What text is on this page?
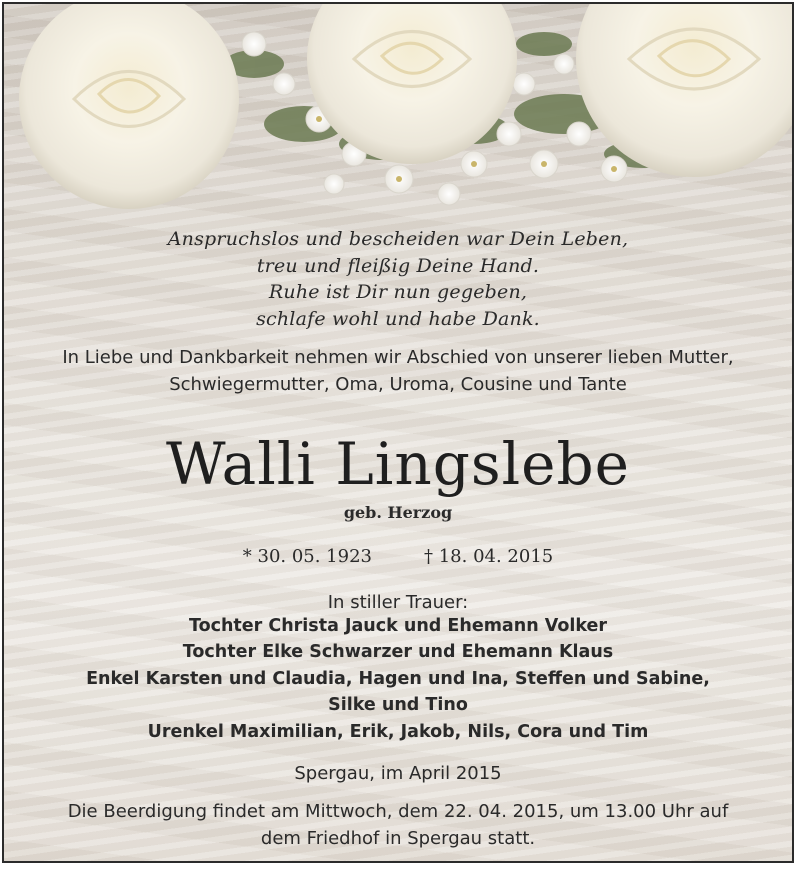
Anspruchslos und bescheiden war Dein Leben,
treu und fleißig Deine Hand.
Ruhe ist Dir nun gegeben,
schlafe wohl und habe Dank.
In Liebe und Dankbarkeit nehmen wir Abschied von unserer lieben Mutter,
Schwiegermutter, Oma, Uroma, Cousine und Tante
Walli Lingslebe
geb. Herzog
* 30. 05. 1923	† 18. 04. 2015
In stiller Trauer:
Tochter Christa Jauck und Ehemann Volker
Tochter Elke Schwarzer und Ehemann Klaus
Enkel Karsten und Claudia, Hagen und Ina, Steffen und Sabine,
Silke und Tino
Urenkel Maximilian, Erik, Jakob, Nils, Cora und Tim
Spergau, im April 2015
Die Beerdigung findet am Mittwoch, dem 22. 04. 2015, um 13.00 Uhr auf
dem Friedhof in Spergau statt.
